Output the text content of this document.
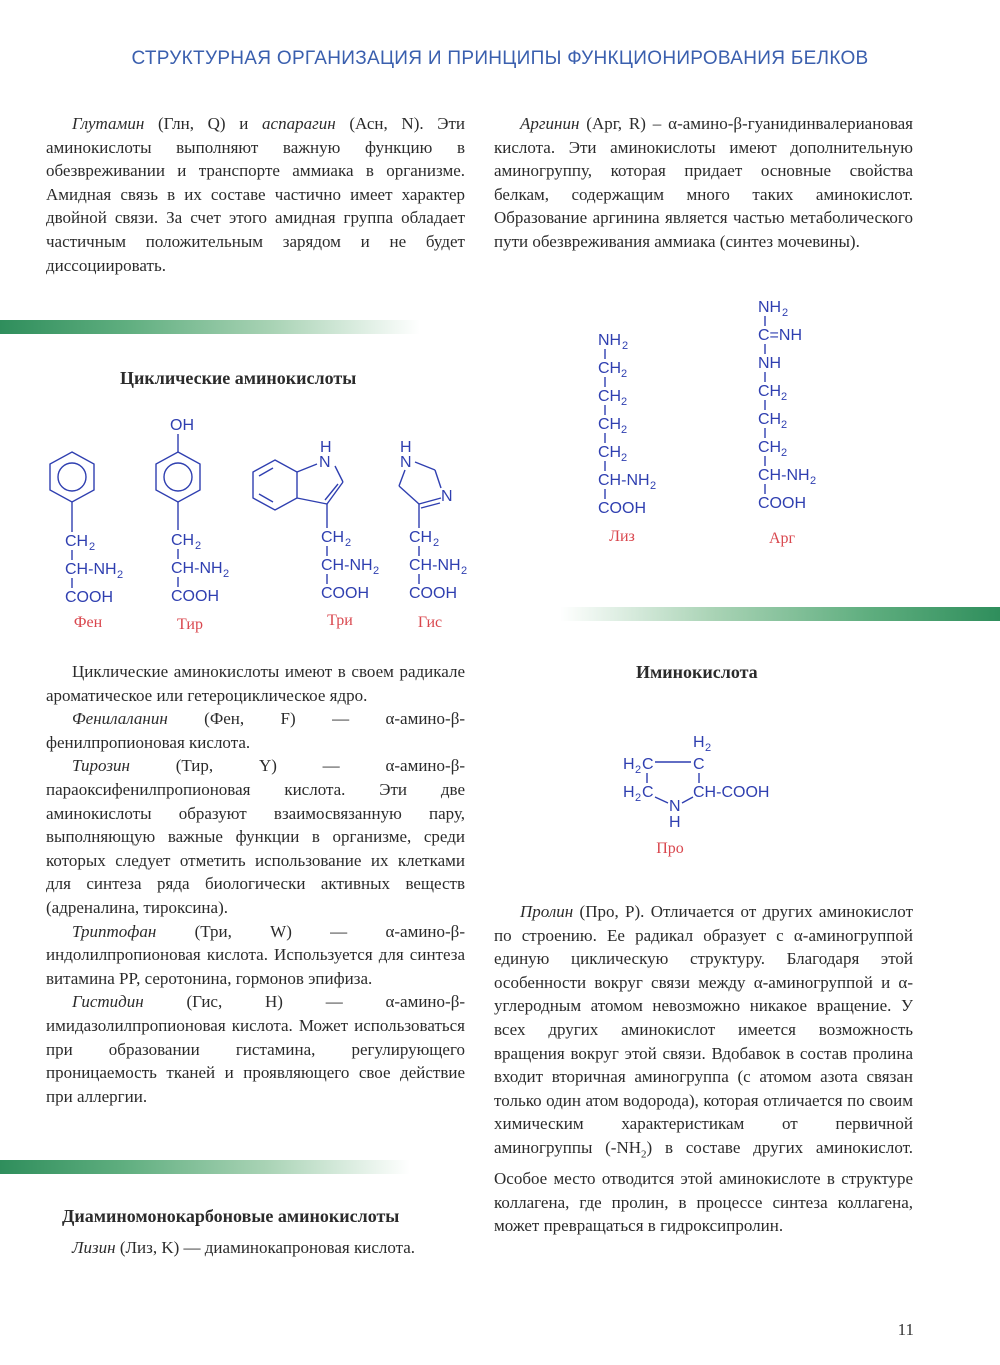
СТРУКТУРНАЯ ОРГАНИЗАЦИЯ И ПРИНЦИПЫ ФУНКЦИОНИРОВАНИЯ БЕЛКОВ

Глутамин (Глн, Q) и аспарагин (Асн, N). Эти аминокислоты выполняют важную функцию в обезвреживании и транспорте аммиака в организме. Амидная связь в их составе частично имеет характер двойной связи. За счет этого амидная группа обладает частичным положительным зарядом и не будет диссоциировать.

Циклические аминокислоты
CH 2
CH-NH 2
COOH
Фен
OH
CH 2
CH-NH 2
COOH
Тир
H
N
CH 2
CH-NH 2
COOH
Три
H
N
N
CH 2
CH-NH 2
COOH
Гис

Циклические аминокислоты имеют в своем радикале ароматическое или гетероциклическое ядро.

Фенилаланин (Фен, F) — α-амино-β-фенилпропионовая кислота.

Тирозин	(Тир, Y) — α-амино-β-параоксифенилпропионовая кислота. Эти две аминокислоты образуют взаимосвязанную пару, выполняющую важные функции в организме, среди которых следует отметить использование их клетками для синтеза ряда биологически активных веществ (адреналина, тироксина).

Триптофан (Три, W) — α-амино-β-индолилпропионовая кислота. Используется для синтеза витамина PP, серотонина, гормонов эпифиза.

Гистидин	(Гис, H) — α-амино-β-имидазолилпропионовая кислота. Может использоваться при образовании гистамина, регулирующего проницаемость тканей и проявляющего свое действие при аллергии.

Диаминомонокарбоновые аминокислоты

Лизин (Лиз, K) — диаминокапроновая кислота.

Аргинин (Арг, R) – α-амино-β-гуанидинвалериановая кислота. Эти аминокислоты имеют дополнительную аминогруппу, которая придает основные свойства белкам, содержащим много таких аминокислот. Образование аргинина является частью метаболического пути обезвреживания аммиака (синтез мочевины).

NH 2
CH 2
CH 2
CH 2
CH 2
CH-NH 2
COOH
Лиз
NH 2
C=NH
NH
CH 2
CH 2
CH 2
CH-NH 2
COOH
Арг
Иминокислота
H 2
C
H 2 C
H 2 C CH-COOH
N
H
Про

Пролин (Про, P). Отличается от других аминокислот по строению. Ее радикал образует с α-аминогруппой единую циклическую структуру. Благодаря этой особенности вокруг связи между α-аминогруппой и α-углеродным атомом невозможно никакое вращение. У всех других аминокислот имеется возможность вращения вокруг этой связи. Вдобавок в состав пролина входит вторичная аминогруппа (с атомом азота связан только один атом водорода), которая отличается по своим химическим характеристикам от первичной аминогруппы $(-NH_2)$ в составе других аминокислот. Особое место отводится этой аминокислоте в структуре коллагена, где пролин, в процессе синтеза коллагена, может превращаться в гидроксипролин.

11
